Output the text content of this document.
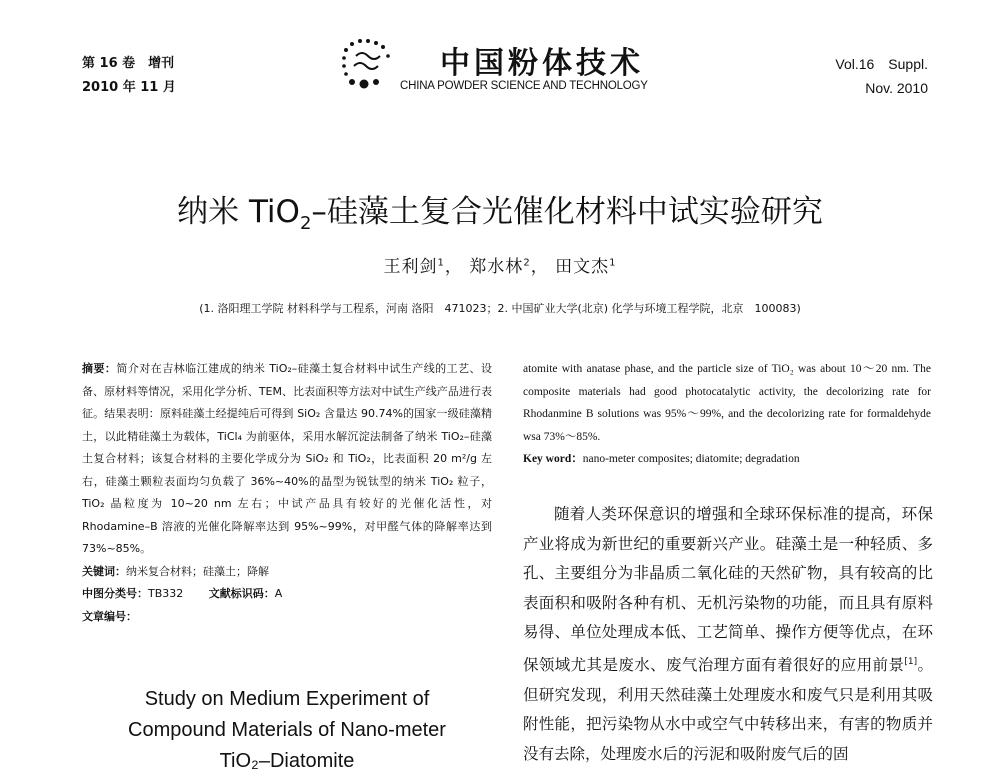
第 16 卷　增刊
2010 年 11 月
中国粉体技术
CHINA POWDER SCIENCE AND TECHNOLOGY
Vol.16　Suppl.
Nov. 2010
纳米 TiO$_2$–硅藻土复合光催化材料中试实验研究
王利剑$^1$， 郑水林$^2$， 田文杰$^1$
(1. 洛阳理工学院 材料科学与工程系，河南 洛阳　471023；2. 中国矿业大学(北京) 化学与环境工程学院，北京　100083)

摘要：简介对在吉林临江建成的纳米 TiO₂–硅藻土复合材料中试生产线的工艺、设备、原材料等情况，采用化学分析、TEM、比表面积等方法对中试生产线产品进行表征。结果表明：原料硅藻土经提纯后可得到 SiO₂ 含量达 90.74%的国家一级硅藻精土，以此精硅藻土为载体，TiCl₄ 为前驱体，采用水解沉淀法制备了纳米 TiO₂–硅藻土复合材料；该复合材料的主要化学成分为 SiO₂ 和 TiO₂，比表面积 20 m²/g 左右，硅藻土颗粒表面均匀负载了 36%~40%的晶型为锐钛型的纳米 TiO₂ 粒子，TiO₂ 晶粒度为 10~20 nm 左右；中试产品具有较好的光催化活性，对 Rhodamine–B 溶液的光催化降解率达到 95%~99%，对甲醛气体的降解率达到 73%~85%。

关键词：纳米复合材料；硅藻土；降解

中图分类号：TB332 文献标识码：A

文章编号：

Study on Medium Experiment of
Compound Materials of Nano-meter
TiO₂–Diatomite

atomite with anatase phase, and the particle size of TiO₂ was about 10～20 nm. The composite materials had good photocatalytic activity, the decolorizing rate for Rhodanmine B solutions was 95%～99%, and the decolorizing rate for formaldehyde wsa 73%～85%.

Key word：nano-meter composites; diatomite; degradation

随着人类环保意识的增强和全球环保标准的提高，环保产业将成为新世纪的重要新兴产业。硅藻土是一种轻质、多孔、主要组分为非晶质二氧化硅的天然矿物，具有较高的比表面积和吸附各种有机、无机污染物的功能，而且具有原料易得、单位处理成本低、工艺简单、操作方便等优点，在环保领域尤其是废水、废气治理方面有着很好的应用前景[1]。但研究发现，利用天然硅藻土处理废水和废气只是利用其吸附性能，把污染物从水中或空气中转移出来，有害的物质并没有去除，处理废水后的污泥和吸附废气后的固
